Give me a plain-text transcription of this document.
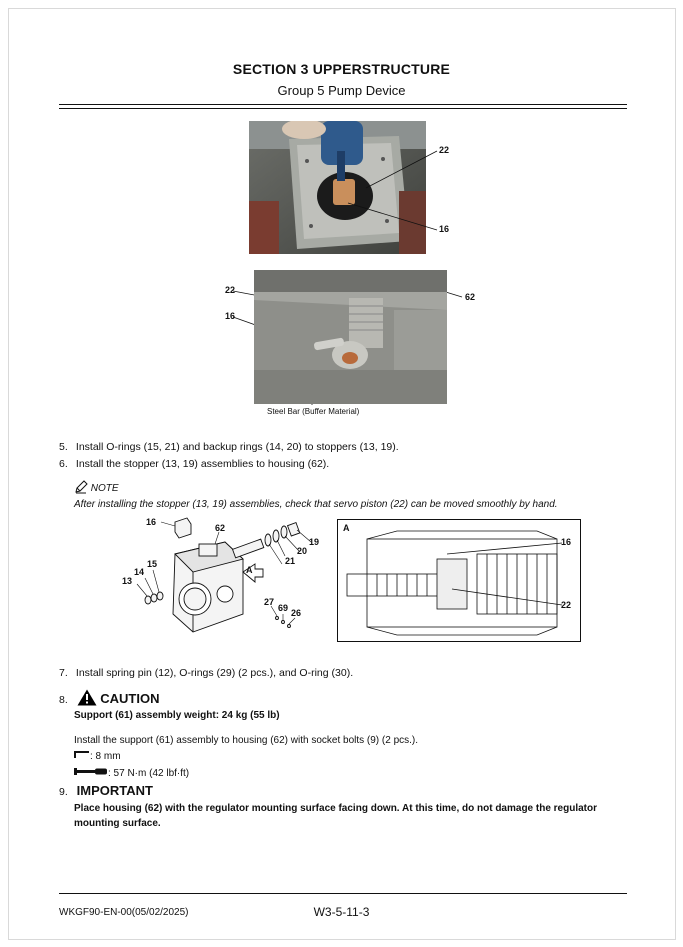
SECTION 3 UPPERSTRUCTURE
Group 5 Pump Device
22
16
22
16
62
Steel Bar (Buffer Material)
5. Install O-rings (15, 21) and backup rings (14, 20) to stoppers (13, 19).
6. Install the stopper (13, 19) assemblies to housing (62).
NOTE
After installing the stopper (13, 19) assemblies, check that servo piston (22) can be moved smoothly by hand.
16
62
19
20
21
A
15
14
13
27
69 26
A
16
22
7. Install spring pin (12), O-rings (29) (2 pcs.), and O-ring (30).
8. CAUTION
Support (61) assembly weight: 24 kg (55 lb)
Install the support (61) assembly to housing (62) with socket bolts (9) (2 pcs.).
: 8 mm
: 57 N·m (42 lbf·ft)
9. IMPORTANT
Place housing (62) with the regulator mounting surface facing down. At this time, do not damage the regulator
mounting surface.
WKGF90-EN-00(05/02/2025)	W3-5-11-3
